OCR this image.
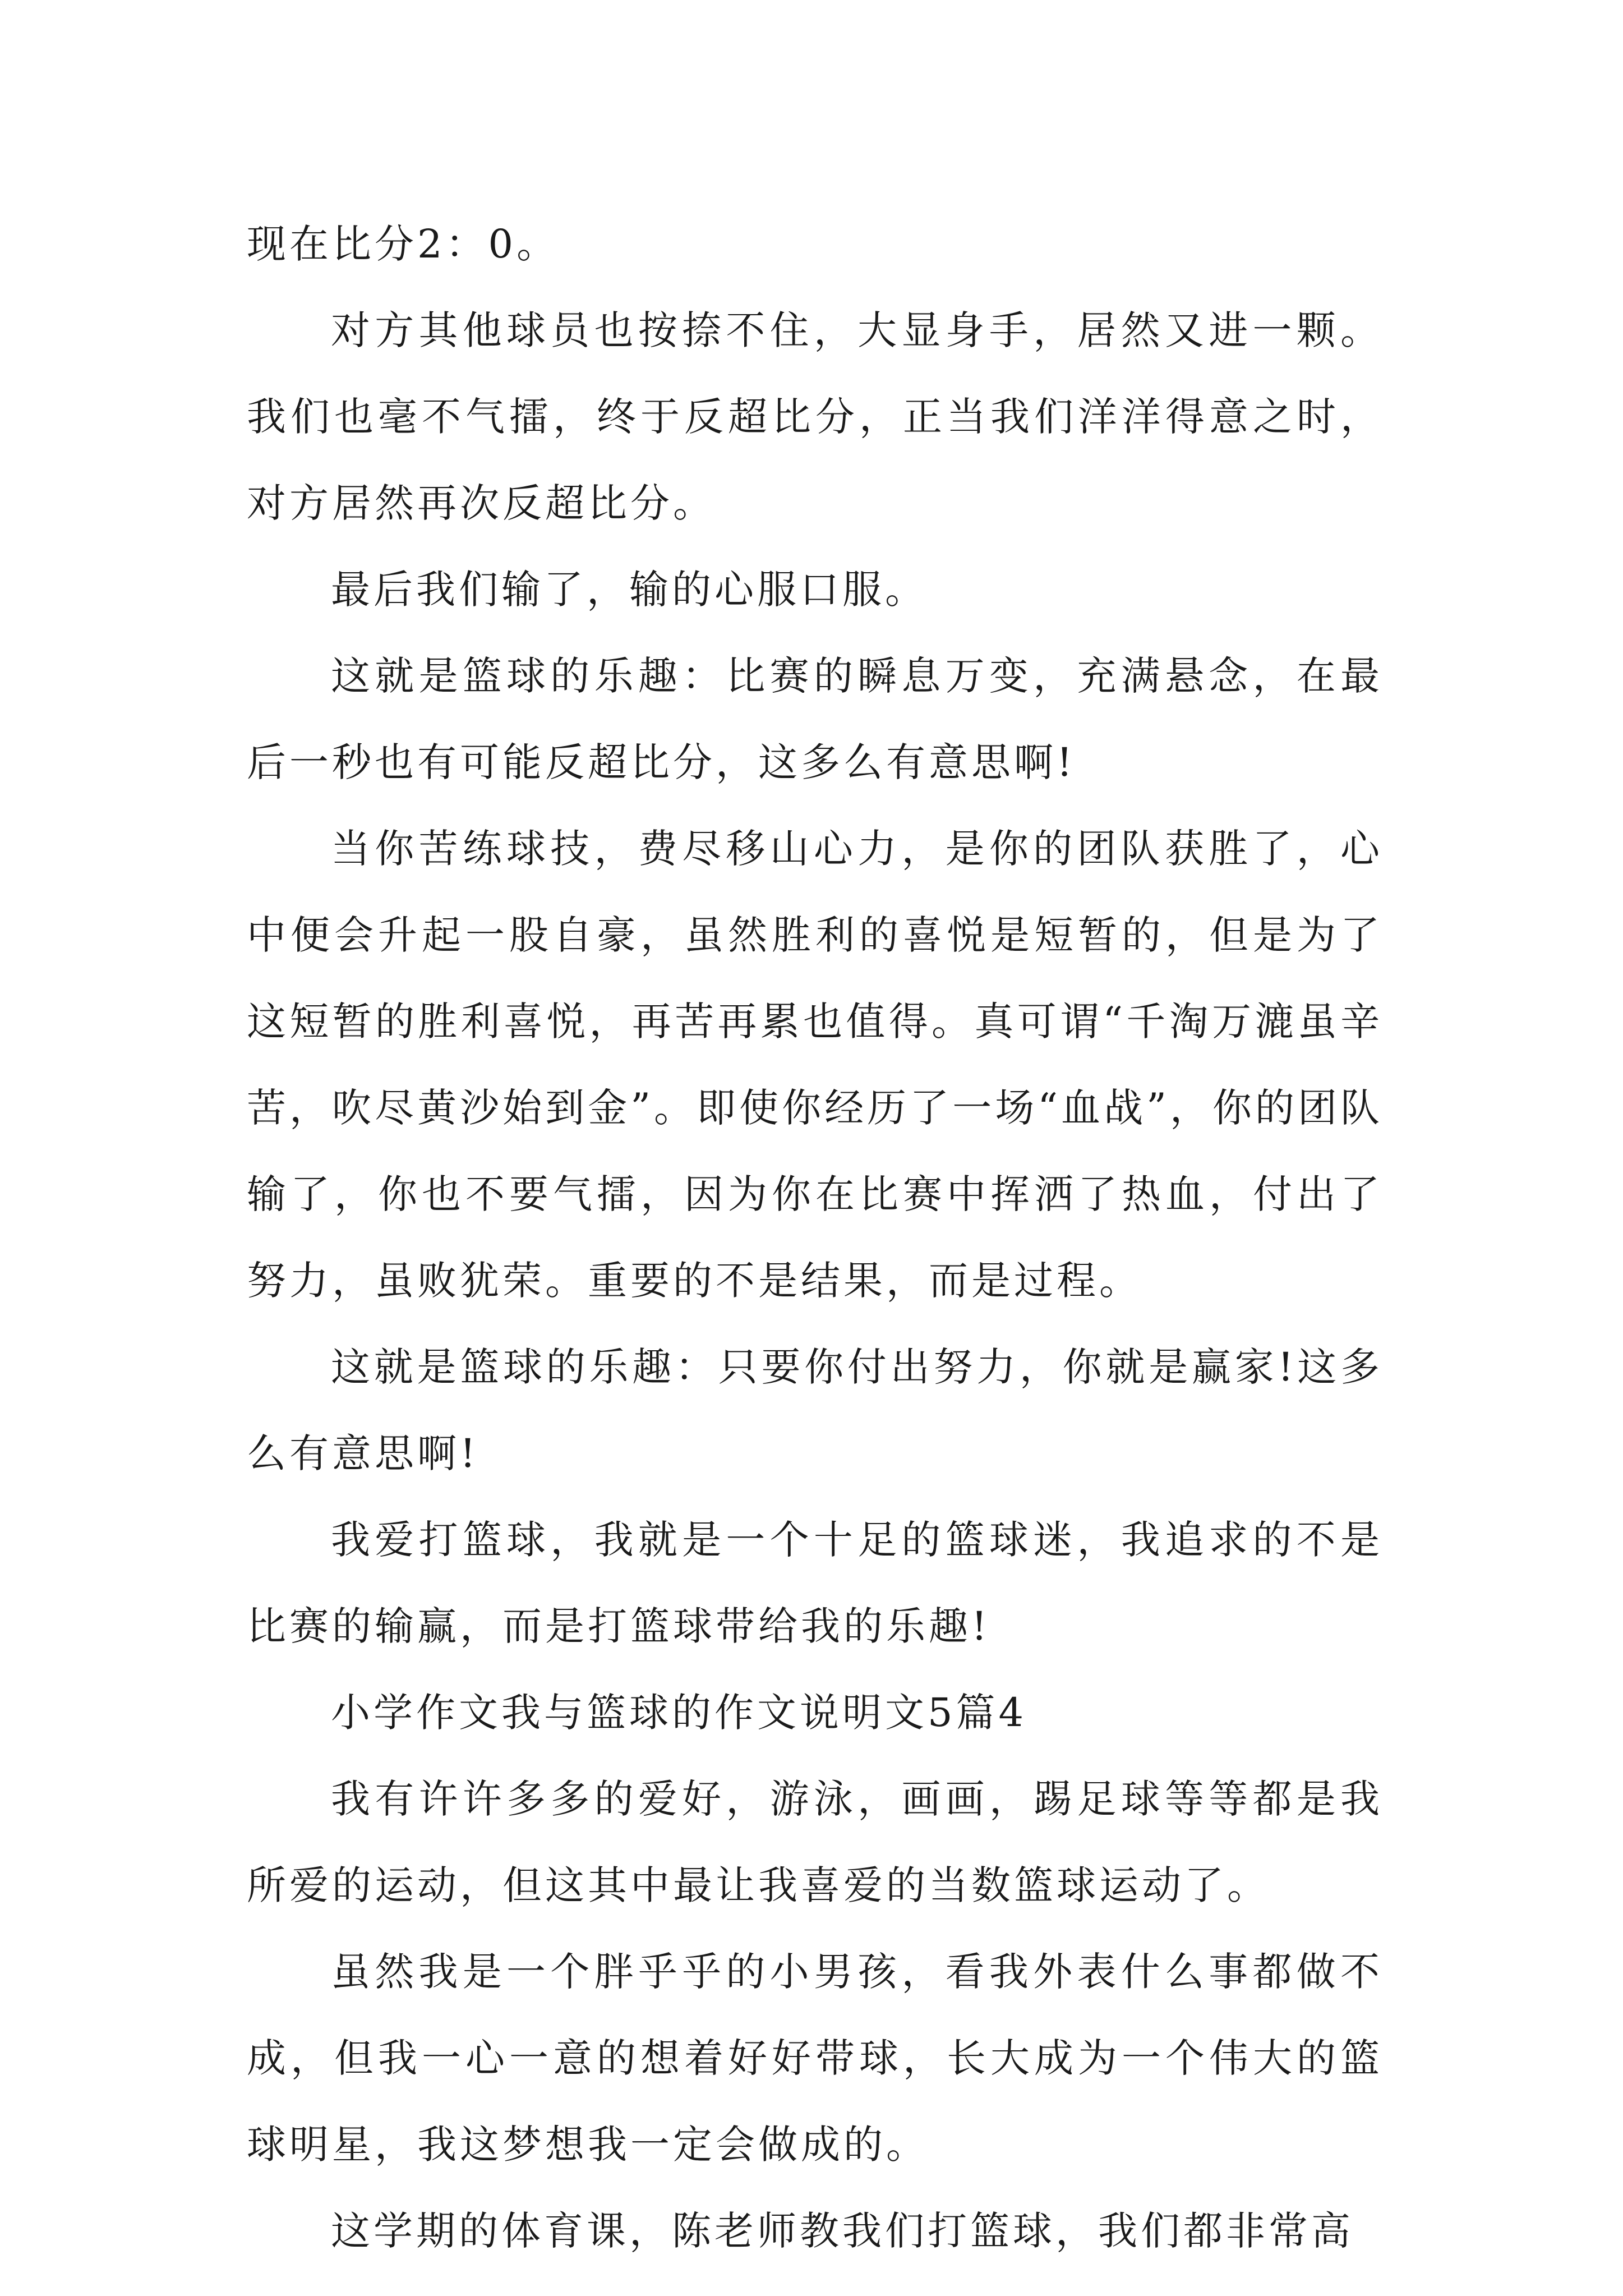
现在比分2：0。

对方其他球员也按捺不住，大显身手，居然又进一颗。我们也毫不气擂，终于反超比分，正当我们洋洋得意之时，对方居然再次反超比分。

最后我们输了，输的心服口服。

这就是篮球的乐趣：比赛的瞬息万变，充满悬念，在最后一秒也有可能反超比分，这多么有意思啊!

当你苦练球技，费尽移山心力，是你的团队获胜了，心中便会升起一股自豪，虽然胜利的喜悦是短暂的，但是为了这短暂的胜利喜悦，再苦再累也值得。真可谓“千淘万漉虽辛苦，吹尽黄沙始到金”。即使你经历了一场“血战”，你的团队输了，你也不要气擂，因为你在比赛中挥洒了热血，付出了努力，虽败犹荣。重要的不是结果，而是过程。

这就是篮球的乐趣：只要你付出努力，你就是赢家!这多么有意思啊!

我爱打篮球，我就是一个十足的篮球迷，我追求的不是比赛的输赢，而是打篮球带给我的乐趣!

小学作文我与篮球的作文说明文5篇4

我有许许多多的爱好，游泳，画画，踢足球等等都是我所爱的运动，但这其中最让我喜爱的当数篮球运动了。

虽然我是一个胖乎乎的小男孩，看我外表什么事都做不成，但我一心一意的想着好好带球，长大成为一个伟大的篮球明星，我这梦想我一定会做成的。

这学期的体育课，陈老师教我们打篮球，我们都非常高
